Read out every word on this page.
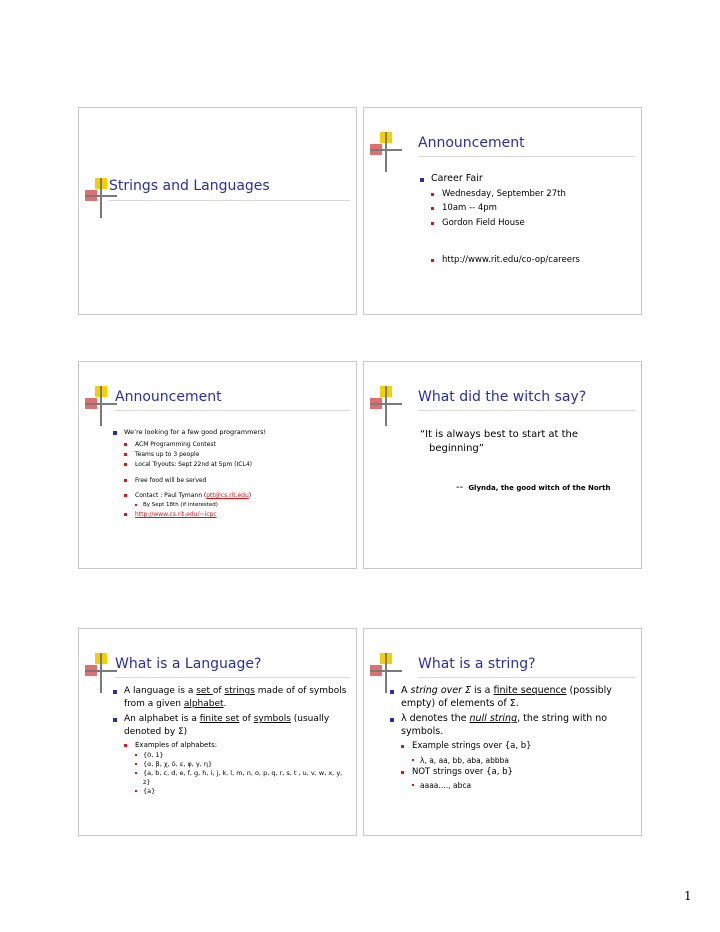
Strings and Languages
Announcement
Career Fair
Wednesday, September 27th
10am -- 4pm
Gordon Field House
http://www.rit.edu/co-op/careers
Announcement
We’re looking for a few good programmers!
ACM Programming Contest
Teams up to 3 people
Local Tryouts: Sept 22nd at 5pm (ICL4)
Free food will be served
Contact : Paul Tymann (ptt@cs.rit.edu)
By Sept 18th (if interested)
http://www.cs.rit.edu/~icpc
What did the witch say?
“It is always best to start at the
beginning”
-- Glynda, the good witch of the North
What is a Language?
A language is a set of strings made of of symbols from a given alphabet.
An alphabet is a finite set of symbols (usually denoted by Σ)
Examples of alphabets:
{0, 1}
{α, β, χ, δ, ε, φ, γ, η}
{a, b, c, d, e, f, g, h, i, j, k, l, m, n, o, p, q, r, s, t , u, v, w, x, y, z}
{a}
What is a string?
A string over Σ is a finite sequence (possibly empty) of elements of Σ.
λ denotes the null string, the string with no symbols.
Example strings over {a, b}
λ, a, aa, bb, aba, abbba
NOT strings over {a, b}
aaaa…., abca
1
